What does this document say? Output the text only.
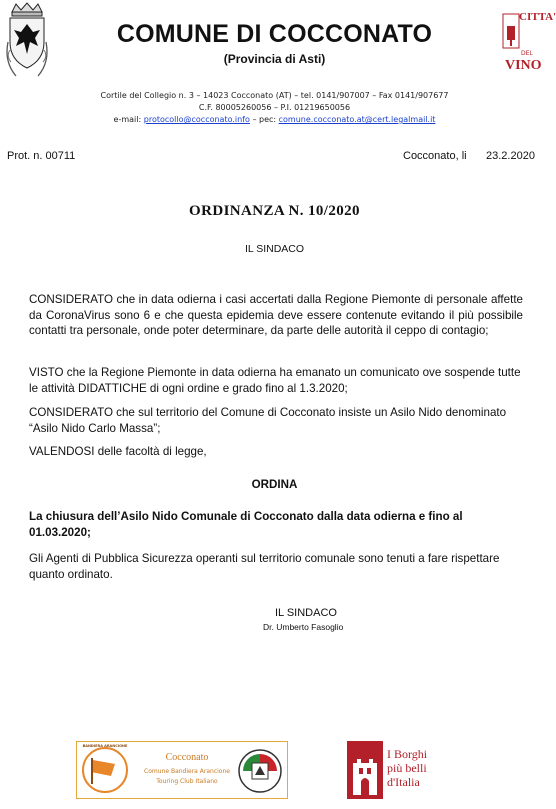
COMUNE DI COCCONATO
(Provincia di Asti)
CITTA'
DEL
VINO
Cortile del Collegio n. 3 – 14023 Cocconato (AT) – tel. 0141/907007 – Fax 0141/907677
C.F. 80005260056 – P.I. 01219650056
e-mail: protocollo@cocconato.info – pec: comune.cocconato.at@cert.legalmail.it
Prot. n. 00711	Cocconato, li 23.2.2020
ORDINANZA N. 10/2020
IL SINDACO
CONSIDERATO che in data odierna i casi accertati dalla Regione Piemonte di personale affette da CoronaVirus sono 6 e che questa epidemia deve essere contenute evitando il più possibile contatti tra personale, onde poter determinare, da parte delle autorità il ceppo di contagio;
VISTO che la Regione Piemonte in data odierna ha emanato un comunicato ove sospende tutte le attività DIDATTICHE di ogni ordine e grado fino al 1.3.2020;
CONSIDERATO che sul territorio del Comune di Cocconato insiste un Asilo Nido denominato “Asilo Nido Carlo Massa”;
VALENDOSI delle facoltà di legge,
ORDINA
La chiusura dell’Asilo Nido Comunale di Cocconato dalla data odierna e fino al 01.03.2020;
Gli Agenti di Pubblica Sicurezza operanti sul territorio comunale sono tenuti a fare rispettare quanto ordinato.
IL SINDACO
Dr. Umberto Fasoglio
BANDIERA ARANCIONE
Cocconato
Comune Bandiera Arancione
Touring Club Italiano
I Borghi
più belli
d'Italia
